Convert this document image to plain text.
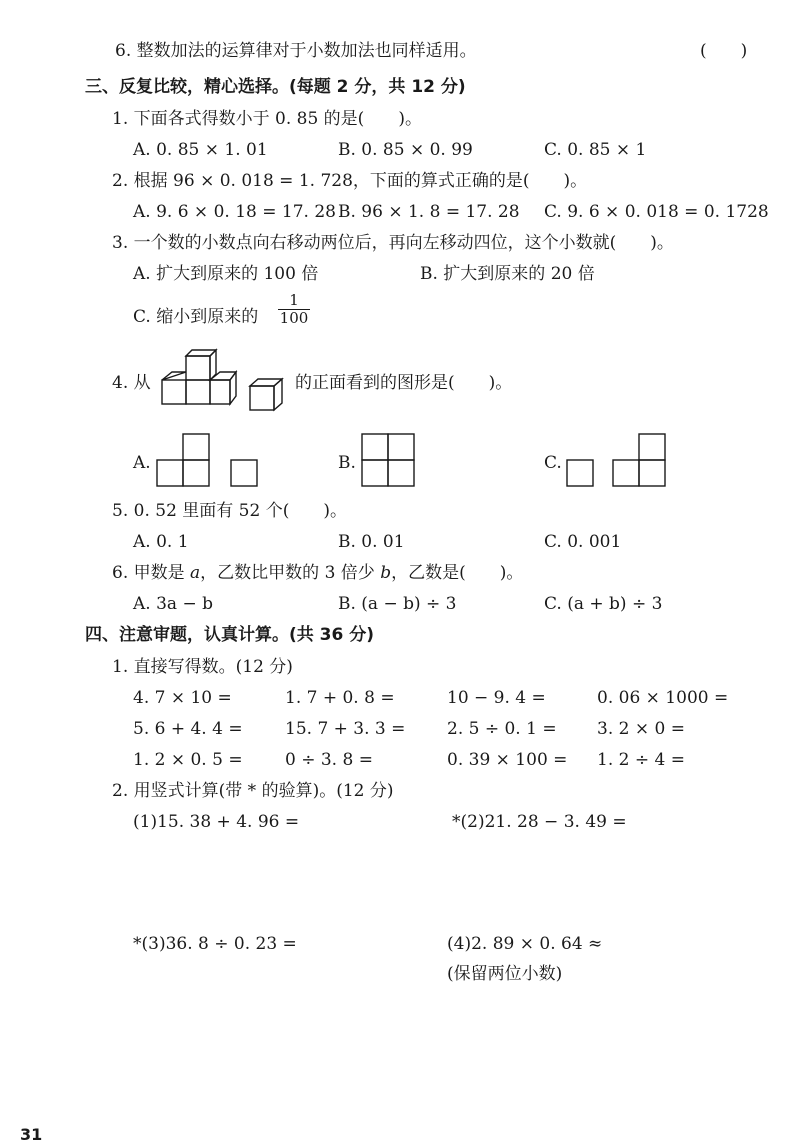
6. 整数加法的运算律对于小数加法也同样适用。	(　　)
三、反复比较，精心选择。(每题 2 分，共 12 分)
1. 下面各式得数小于 0. 85 的是(　　)。
A. 0. 85 × 1. 01	B. 0. 85 × 0. 99	C. 0. 85 × 1
2. 根据 96 × 0. 018 = 1. 728，下面的算式正确的是(　　)。
A. 9. 6 × 0. 18 = 17. 28 B. 96 × 1. 8 = 17. 28 C. 9. 6 × 0. 018 = 0. 1728
3. 一个数的小数点向右移动两位后，再向左移动四位，这个小数就(　　)。
A. 扩大到原来的 100 倍	B. 扩大到原来的 20 倍
C. 缩小到原来的
1
100
4. 从	的正面看到的图形是(　　)。
A.	B.	C.
5. 0. 52 里面有 52 个(　　)。
A. 0. 1	B. 0. 01	C. 0. 001
6. 甲数是 a，乙数比甲数的 3 倍少 b，乙数是(　　)。
A. 3a − b	B. (a − b) ÷ 3	C. (a + b) ÷ 3
四、注意审题，认真计算。(共 36 分)
1. 直接写得数。(12 分)
4. 7 × 10 =	1. 7 + 0. 8 =	10 − 9. 4 =	0. 06 × 1000 =
5. 6 + 4. 4 = 15. 7 + 3. 3 = 2. 5 ÷ 0. 1 = 3. 2 × 0 =
1. 2 × 0. 5 = 0 ÷ 3. 8 =	0. 39 × 100 = 1. 2 ÷ 4 =
2. 用竖式计算(带 * 的验算)。(12 分)
(1)15. 38 + 4. 96 =	*(2)21. 28 − 3. 49 =
*(3)36. 8 ÷ 0. 23 =	(4)2. 89 × 0. 64 ≈
(保留两位小数)
31
